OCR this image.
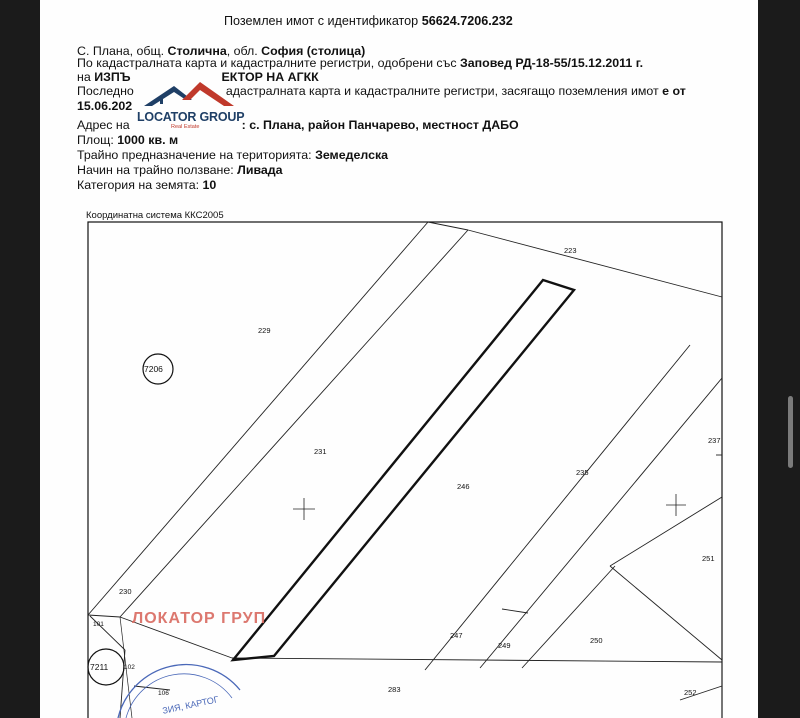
Поземлен имот с идентификатор 56624.7206.232
С. Плана, общ. Столична, обл. София (столица)
По кадастралната карта и кадастралните регистри, одобрени със Заповед РД-18-55/15.12.2011 г.
на ИЗПЪ	ЕКТОР НА АГКК
Последно	адастралната карта и кадастралните регистри, засягащо поземления имот е от
15.06.202
Адрес на	: с. Плана, район Панчарево, местност ДАБО
Площ: 1000 кв. м
Трайно предназначение на територията: Земеделска
Начин на трайно ползване: Ливада
Категория на земята: 10
Координатна система ККС2005
223
229
231
246
235
237
251
230
101
102
247
249
250
283	252
106
7206
7211
ЗИЯ, КАРТОГ
LOCATOR GROUP
Real Estate
ЛОКАТОР ГРУП
